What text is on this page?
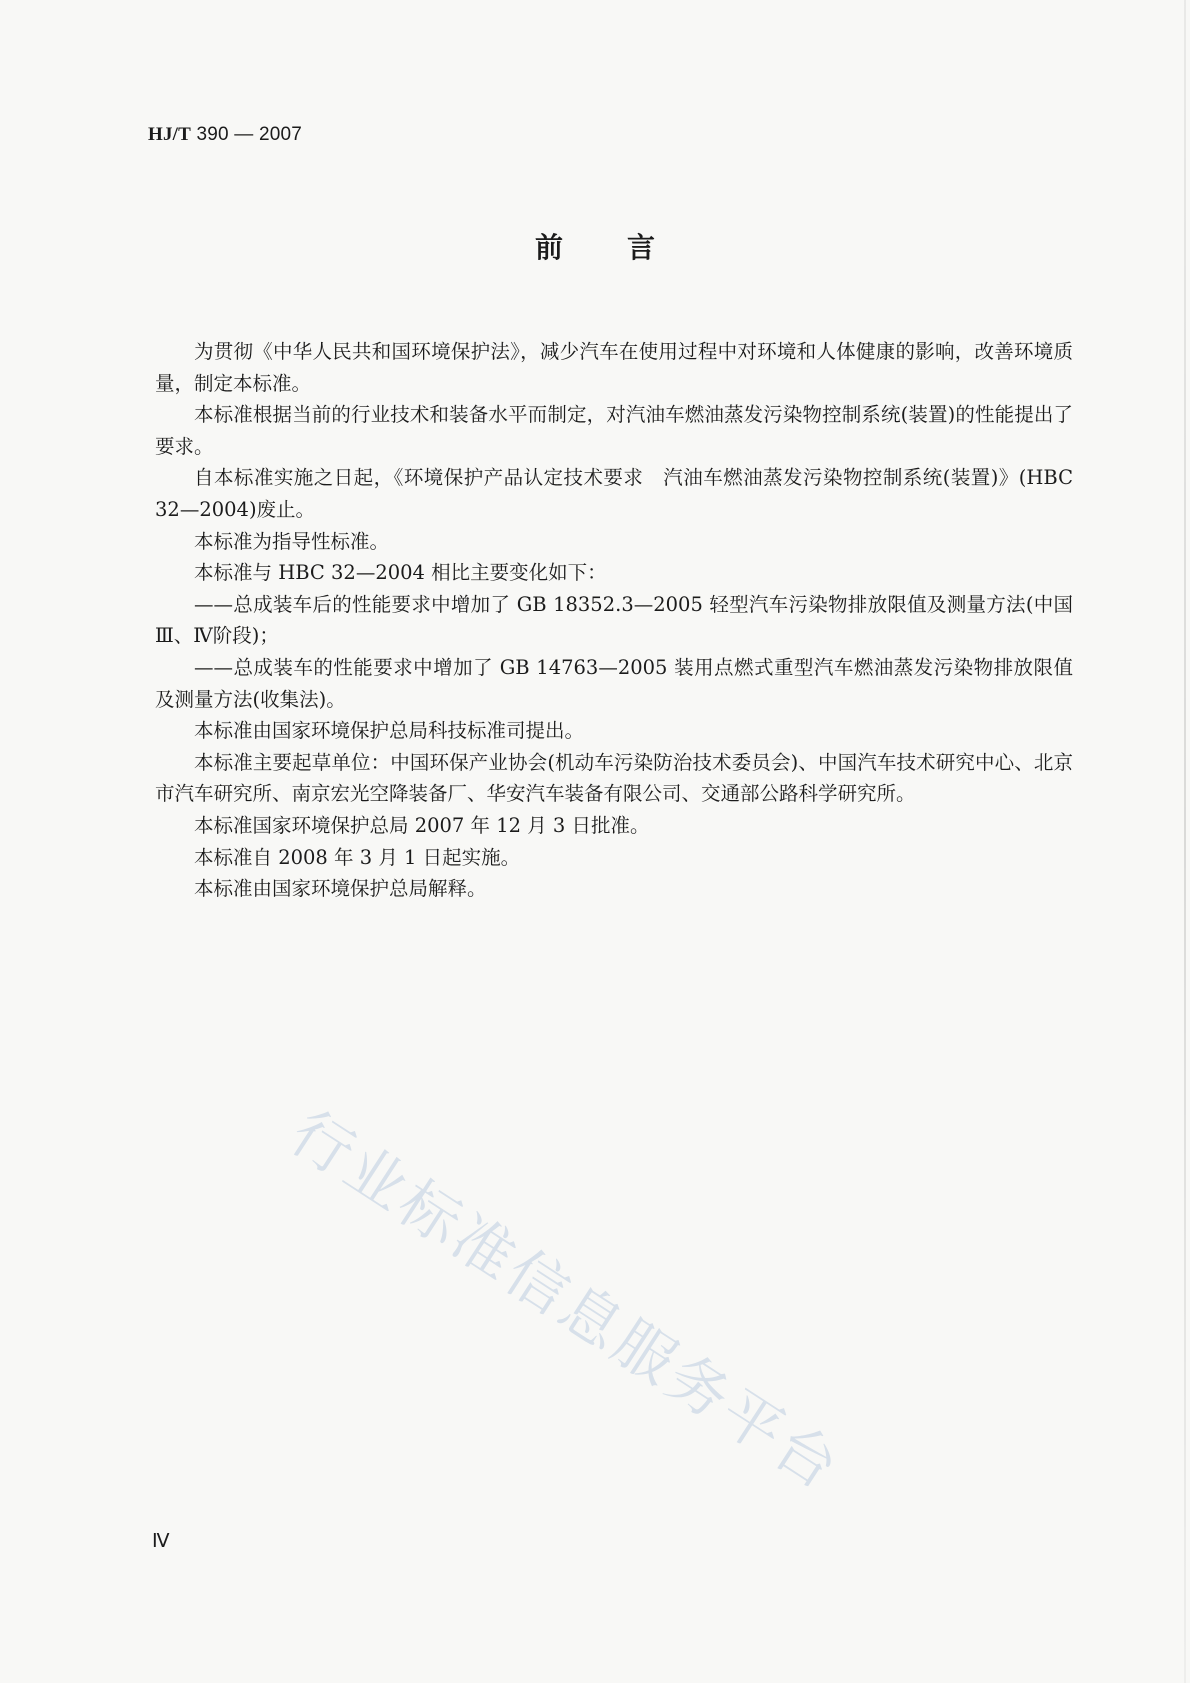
HJ/T 390 — 2007
前言

为贯彻《中华人民共和国环境保护法》，减少汽车在使用过程中对环境和人体健康的影响，改善环境质量，制定本标准。

本标准根据当前的行业技术和装备水平而制定，对汽油车燃油蒸发污染物控制系统(装置)的性能提出了要求。

自本标准实施之日起，《环境保护产品认定技术要求　汽油车燃油蒸发污染物控制系统(装置)》(HBC 32—2004)废止。

本标准为指导性标准。

本标准与 HBC 32—2004 相比主要变化如下：

——总成装车后的性能要求中增加了 GB 18352.3—2005 轻型汽车污染物排放限值及测量方法(中国Ⅲ、Ⅳ阶段)；

——总成装车的性能要求中增加了 GB 14763—2005 装用点燃式重型汽车燃油蒸发污染物排放限值及测量方法(收集法)。

本标准由国家环境保护总局科技标准司提出。

本标准主要起草单位：中国环保产业协会(机动车污染防治技术委员会)、中国汽车技术研究中心、北京市汽车研究所、南京宏光空降装备厂、华安汽车装备有限公司、交通部公路科学研究所。

本标准国家环境保护总局 2007 年 12 月 3 日批准。

本标准自 2008 年 3 月 1 日起实施。

本标准由国家环境保护总局解释。

行业标准信息服务平台
Ⅳ
